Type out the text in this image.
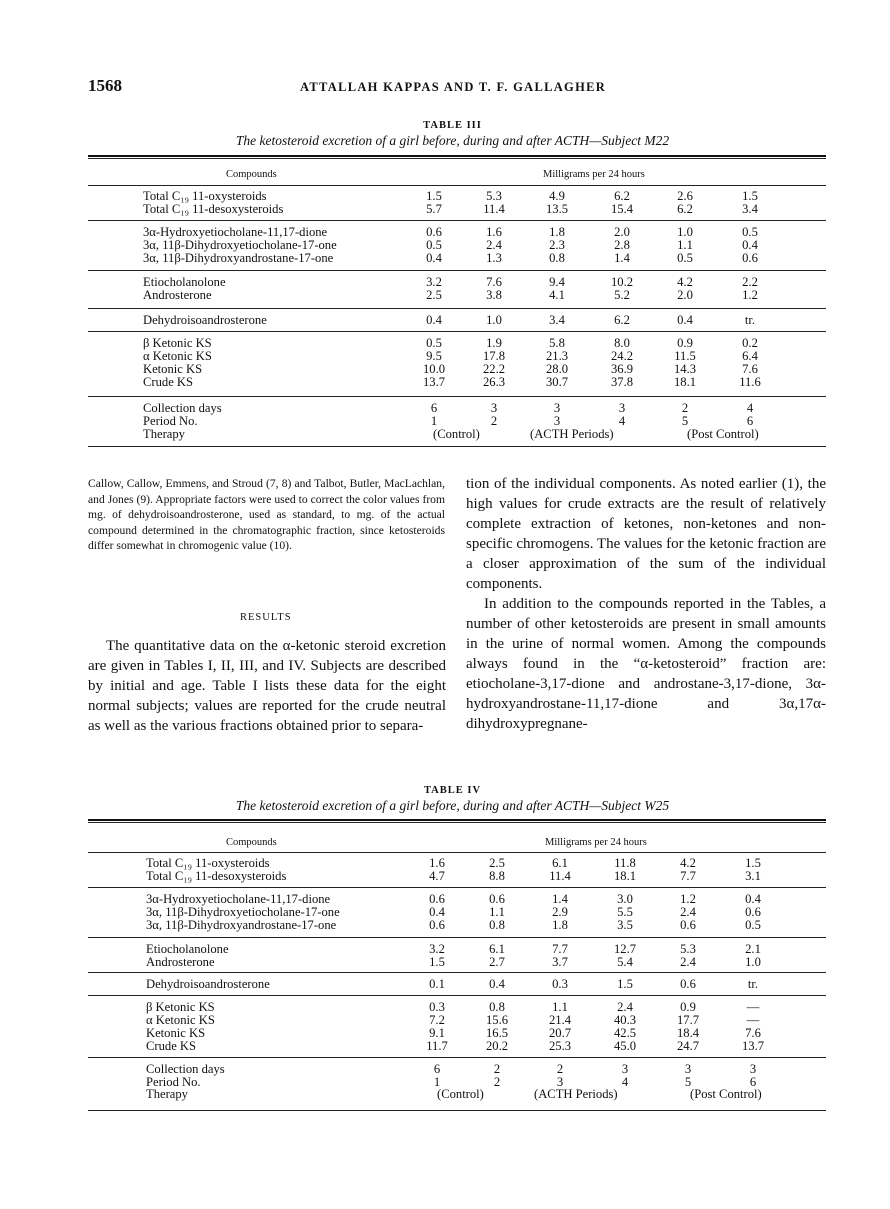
1568	ATTALLAH KAPPAS AND T. F. GALLAGHER
TABLE III
The ketosteroid excretion of a girl before, during and after ACTH—Subject M22
Compounds	Milligrams per 24 hours
Total C₁₉ 11-oxysteroids	1.5	5.3	4.9	6.2	2.6	1.5
Total C₁₉ 11-desoxysteroids	5.7	11.4	13.5	15.4	6.2	3.4
3α-Hydroxyetiocholane-11,17-dione	0.6	1.6	1.8	2.0	1.0	0.5
3α, 11β-Dihydroxyetiocholane-17-one	0.5	2.4	2.3	2.8	1.1	0.4
3α, 11β-Dihydroxyandrostane-17-one	0.4	1.3	0.8	1.4	0.5	0.6
Etiocholanolone	3.2	7.6	9.4	10.2	4.2	2.2
Androsterone	2.5	3.8	4.1	5.2	2.0	1.2
Dehydroisoandrosterone	0.4	1.0	3.4	6.2	0.4	tr.
β Ketonic KS	0.5	1.9	5.8	8.0	0.9	0.2
α Ketonic KS	9.5	17.8	21.3	24.2	11.5	6.4
Ketonic KS	10.0	22.2	28.0	36.9	14.3	7.6
Crude KS	13.7	26.3	30.7	37.8	18.1	11.6
Collection days	6	3	3	3	2	4
Period No.	1	2	3	4	5	6
Therapy	(Control)	(ACTH Periods)	(Post Control)

Callow, Callow, Emmens, and Stroud (7, 8) and Talbot, Butler, MacLachlan, and Jones (9). Appropriate factors were used to correct the color values from mg. of dehydroisoandrosterone, used as standard, to mg. of the actual compound determined in the chromatographic fraction, since ketosteroids differ somewhat in chromogenic value (10).

RESULTS

The quantitative data on the α-ketonic steroid excretion are given in Tables I, II, III, and IV. Subjects are described by initial and age. Table I lists these data for the eight normal subjects; values are reported for the crude neutral as well as the various fractions obtained prior to separa-

tion of the individual components. As noted earlier (1), the high values for crude extracts are the result of relatively complete extraction of ketones, non-ketones and non-specific chromogens. The values for the ketonic fraction are a closer approximation of the sum of the individual components.

In addition to the compounds reported in the Tables, a number of other ketosteroids are present in small amounts in the urine of normal women. Among the compounds always found in the “α-ketosteroid” fraction are: etiocholane-3,17-dione and androstane-3,17-dione, 3α-hydroxyandrostane-11,17-dione and 3α,17α-dihydroxypregnane-

TABLE IV
The ketosteroid excretion of a girl before, during and after ACTH—Subject W25
Compounds	Milligrams per 24 hours
Total C₁₉ 11-oxysteroids	1.6	2.5	6.1	11.8	4.2	1.5
Total C₁₉ 11-desoxysteroids	4.7	8.8	11.4	18.1	7.7	3.1
3α-Hydroxyetiocholane-11,17-dione	0.6	0.6	1.4	3.0	1.2	0.4
3α, 11β-Dihydroxyetiocholane-17-one	0.4	1.1	2.9	5.5	2.4	0.6
3α, 11β-Dihydroxyandrostane-17-one	0.6	0.8	1.8	3.5	0.6	0.5
Etiocholanolone	3.2	6.1	7.7	12.7	5.3	2.1
Androsterone	1.5	2.7	3.7	5.4	2.4	1.0
Dehydroisoandrosterone	0.1	0.4	0.3	1.5	0.6	tr.
β Ketonic KS	0.3	0.8	1.1	2.4	0.9	—
α Ketonic KS	7.2	15.6	21.4	40.3	17.7	—
Ketonic KS	9.1	16.5	20.7	42.5	18.4	7.6
Crude KS	11.7	20.2	25.3	45.0	24.7	13.7
Collection days	6	2	2	3	3	3
Period No.	1	2	3	4	5	6
Therapy	(Control)	(ACTH Periods)	(Post Control)
